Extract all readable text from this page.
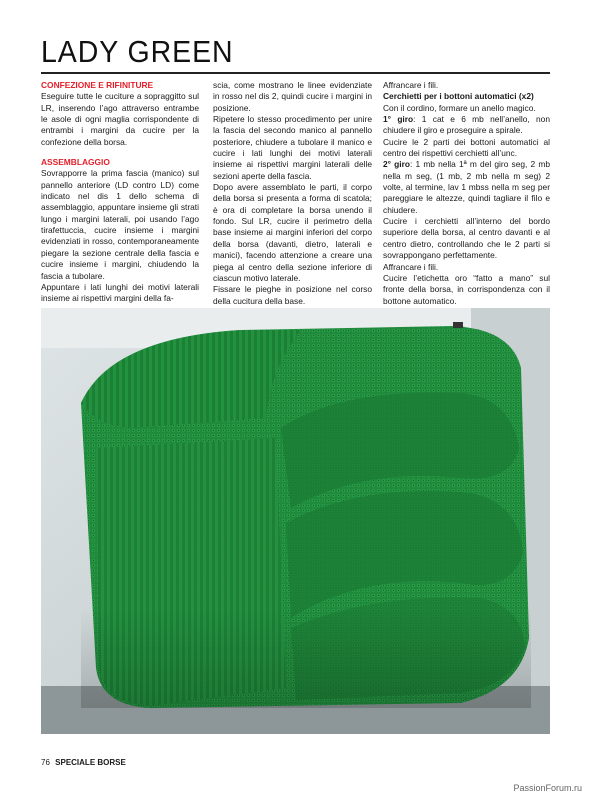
LADY GREEN

CONFEZIONE E RIFINITURE

Eseguire tutte le cuciture a sopraggitto sul LR, inserendo l’ago attraverso entrambe le asole di ogni maglia corrispondente di entrambi i margini da cucire per la confezione della borsa.

ASSEMBLAGGIO

Sovrapporre la prima fascia (manico) sul pannello anteriore (LD contro LD) come indicato nel dis 1 dello schema di assemblaggio, appuntare insieme gli strati lungo i margini laterali, poi usando l’ago tirafettuccia, cucire insieme i margini evidenziati in rosso, contemporaneamente piegare la sezione centrale della fascia e cucire insieme i margini, chiudendo la fascia a tubolare.

Appuntare i lati lunghi dei motivi laterali insieme ai rispettivi margini della fa-

scia, come mostrano le linee evidenziate in rosso nel dis 2, quindi cucire i margini in posizione.

Ripetere lo stesso procedimento per unire la fascia del secondo manico al pannello posteriore, chiudere a tubolare il manico e cucire i lati lunghi dei motivi laterali insieme ai rispettivi margini laterali delle sezioni aperte della fascia.

Dopo avere assemblato le parti, il corpo della borsa si presenta a forma di scatola; è ora di completare la borsa unendo il fondo. Sul LR, cucire il perimetro della base insieme ai margini inferiori del corpo della borsa (davanti, dietro, laterali e manici), facendo attenzione a creare una piega al centro della sezione inferiore di ciascun motivo laterale.

Fissare le pieghe in posizione nel corso della cucitura della base.

Affrancare i fili.

Cerchietti per i bottoni automatici (x2)

Con il cordino, formare un anello magico.

1° giro: 1 cat e 6 mb nell’anello, non chiudere il giro e proseguire a spirale.

Cucire le 2 parti dei bottoni automatici al centro dei rispettivi cerchietti all’unc.

2° giro: 1 mb nella 1ª m del giro seg, 2 mb nella m seg, (1 mb, 2 mb nella m seg) 2 volte, al termine, lav 1 mbss nella m seg per pareggiare le altezze, quindi tagliare il filo e chiudere.

Cucire i cerchietti all’interno del bordo superiore della borsa, al centro davanti e al centro dietro, controllando che le 2 parti si sovrappongano perfettamente.

Affrancare i fili.

Cucire l’etichetta oro “fatto a mano” sul fronte della borsa, in corrispondenza con il bottone automatico.

76 SPECIALE BORSE
PassionForum.ru
